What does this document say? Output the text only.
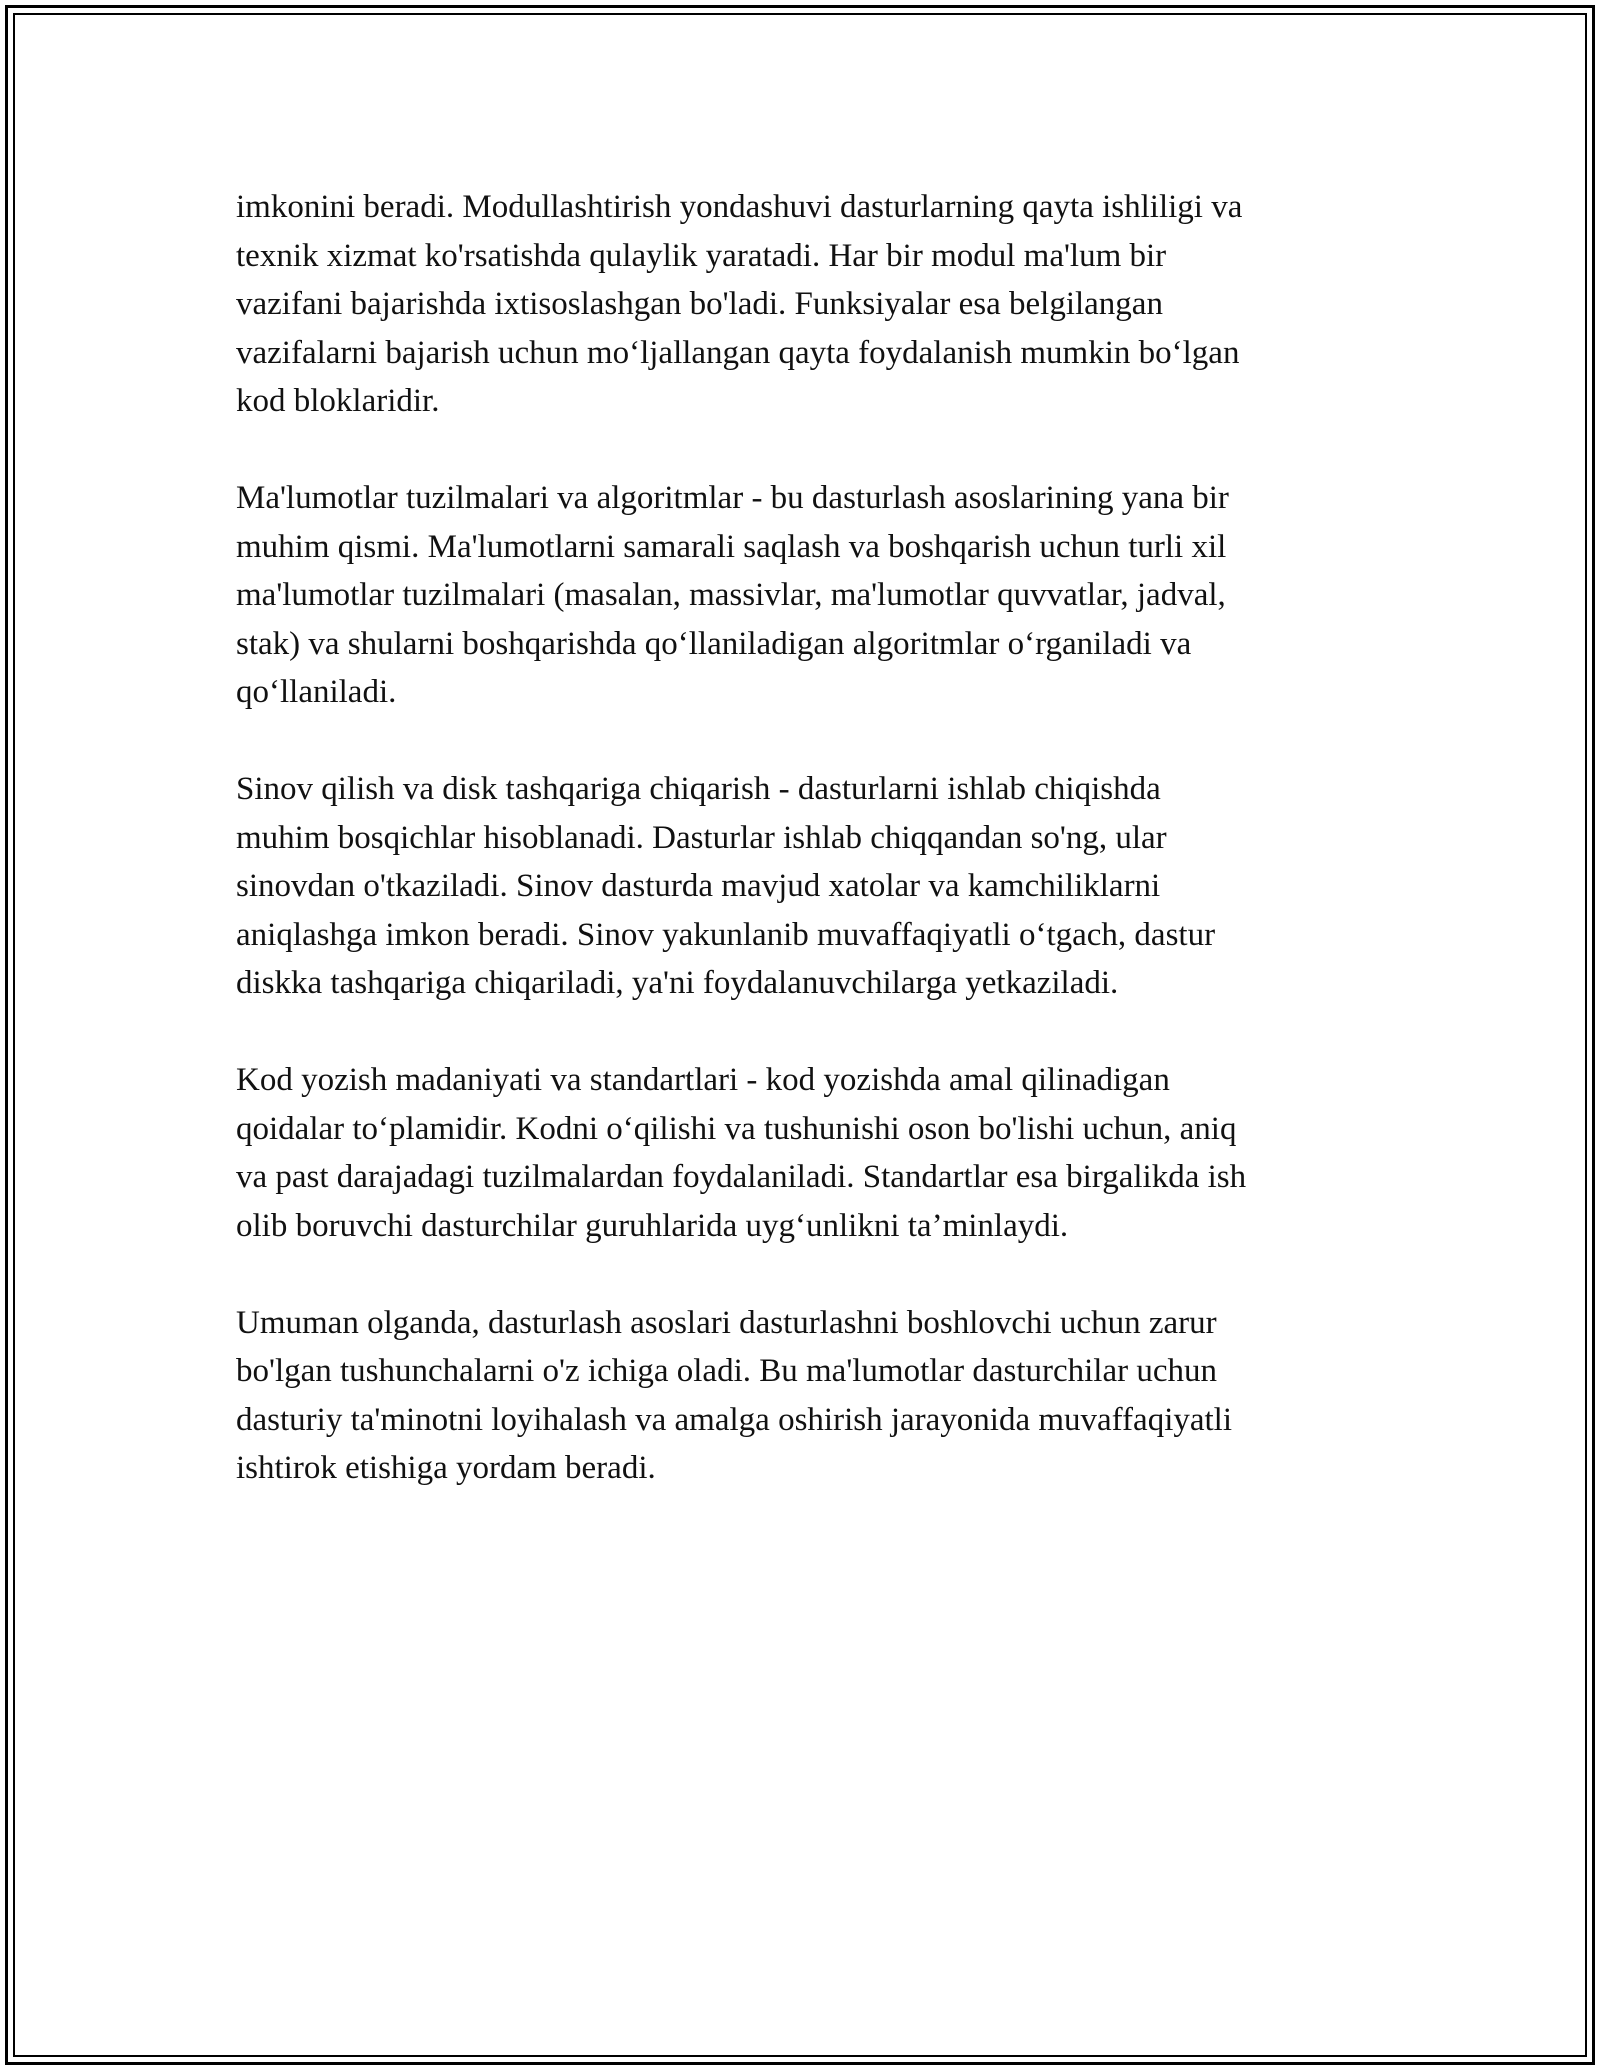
imkonini beradi. Modullashtirish yondashuvi dasturlarning qayta ishliligi va
texnik xizmat ko'rsatishda qulaylik yaratadi. Har bir modul ma'lum bir
vazifani bajarishda ixtisoslashgan bo'ladi. Funksiyalar esa belgilangan
vazifalarni bajarish uchun mo‘ljallangan qayta foydalanish mumkin bo‘lgan
kod bloklaridir.

Ma'lumotlar tuzilmalari va algoritmlar - bu dasturlash asoslarining yana bir
muhim qismi. Ma'lumotlarni samarali saqlash va boshqarish uchun turli xil
ma'lumotlar tuzilmalari (masalan, massivlar, ma'lumotlar quvvatlar, jadval,
stak) va shularni boshqarishda qo‘llaniladigan algoritmlar o‘rganiladi va
qo‘llaniladi.

Sinov qilish va disk tashqariga chiqarish - dasturlarni ishlab chiqishda
muhim bosqichlar hisoblanadi. Dasturlar ishlab chiqqandan so'ng, ular
sinovdan o'tkaziladi. Sinov dasturda mavjud xatolar va kamchiliklarni
aniqlashga imkon beradi. Sinov yakunlanib muvaffaqiyatli o‘tgach, dastur
diskka tashqariga chiqariladi, ya'ni foydalanuvchilarga yetkaziladi.

Kod yozish madaniyati va standartlari - kod yozishda amal qilinadigan
qoidalar to‘plamidir. Kodni o‘qilishi va tushunishi oson bo'lishi uchun, aniq
va past darajadagi tuzilmalardan foydalaniladi. Standartlar esa birgalikda ish
olib boruvchi dasturchilar guruhlarida uyg‘unlikni ta’minlaydi.

Umuman olganda, dasturlash asoslari dasturlashni boshlovchi uchun zarur
bo'lgan tushunchalarni o'z ichiga oladi. Bu ma'lumotlar dasturchilar uchun
dasturiy ta'minotni loyihalash va amalga oshirish jarayonida muvaffaqiyatli
ishtirok etishiga yordam beradi.
